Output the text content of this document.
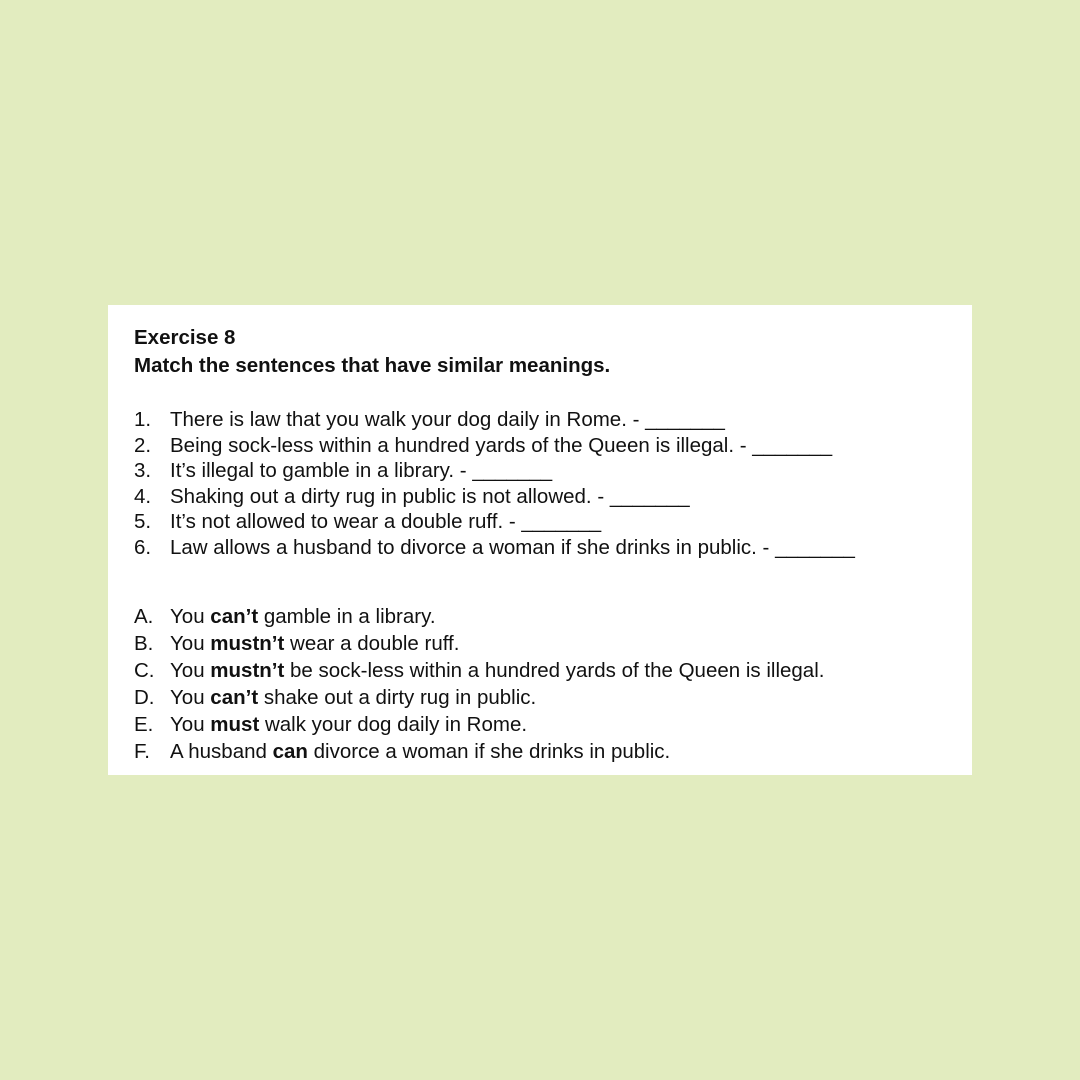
Exercise 8

Match the sentences that have similar meanings.

1. There is law that you walk your dog daily in Rome. - _______
2. Being sock-less within a hundred yards of the Queen is illegal. - _______
3. It’s illegal to gamble in a library. - _______
4. Shaking out a dirty rug in public is not allowed. - _______
5. It’s not allowed to wear a double ruff. - _______
6. Law allows a husband to divorce a woman if she drinks in public. - _______
A. You can’t gamble in a library.
B. You mustn’t wear a double ruff.
C. You mustn’t be sock-less within a hundred yards of the Queen is illegal.
D. You can’t shake out a dirty rug in public.
E. You must walk your dog daily in Rome.
F. A husband can divorce a woman if she drinks in public.
